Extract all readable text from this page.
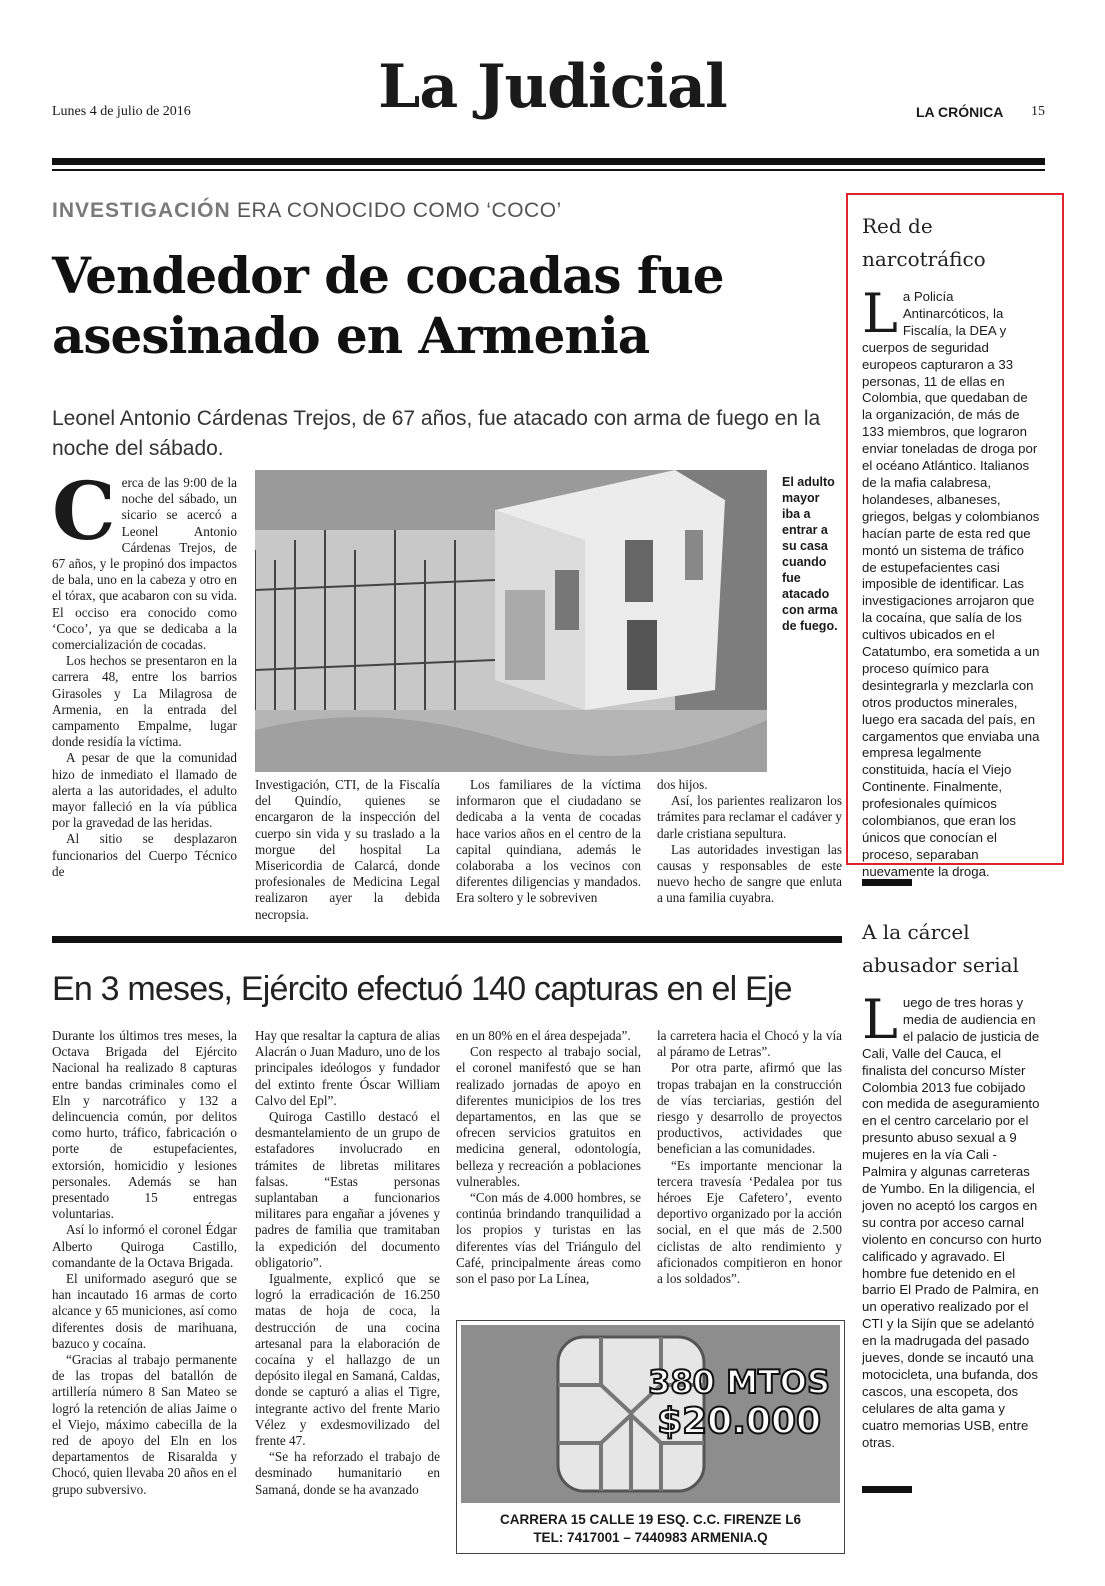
Lunes 4 de julio de 2016	La Judicial	LA CRÓNICA 15
INVESTIGACIÓN ERA CONOCIDO COMO ‘COCO’
Vendedor de cocadas fue asesinado en Armenia
Leonel Antonio Cárdenas Trejos, de 67 años, fue atacado con arma de fuego en la noche del sábado.

Cerca de las 9:00 de la noche del sábado, un sicario se acercó a Leonel Antonio Cárdenas Trejos, de 67 años, y le propinó dos impactos de bala, uno en la cabeza y otro en el tórax, que acabaron con su vida. El occiso era conocido como ‘Coco’, ya que se dedicaba a la comercialización de cocadas.

Los hechos se presentaron en la carrera 48, entre los barrios Girasoles y La Milagrosa de Armenia, en la entrada del campamento Empalme, lugar donde residía la víctima.

A pesar de que la comunidad hizo de inmediato el llamado de alerta a las autoridades, el adulto mayor falleció en la vía pública por la gravedad de las heridas.

Al sitio se desplazaron funcionarios del Cuerpo Técnico de

El adulto mayor iba a entrar a su casa cuando fue atacado con arma de fuego.

Investigación, CTI, de la Fiscalía del Quindío, quienes se encargaron de la inspección del cuerpo sin vida y su traslado a la morgue del hospital La Misericordia de Calarcá, donde profesionales de Medicina Legal realizaron ayer la debida necropsia.

Los familiares de la víctima informaron que el ciudadano se dedicaba a la venta de cocadas hace varios años en el centro de la capital quindiana, además le colaboraba a los vecinos con diferentes diligencias y mandados. Era soltero y le sobreviven

dos hijos.

Así, los parientes realizaron los trámites para reclamar el cadáver y darle cristiana sepultura.

Las autoridades investigan las causas y responsables de este nuevo hecho de sangre que enluta a una familia cuyabra.

En 3 meses, Ejército efectuó 140 capturas en el Eje

Durante los últimos tres meses, la Octava Brigada del Ejército Nacional ha realizado 8 capturas entre bandas criminales como el Eln y narcotráfico y 132 a delincuencia común, por delitos como hurto, tráfico, fabricación o porte de estupefacientes, extorsión, homicidio y lesiones personales. Además se han presentado 15 entregas voluntarias.

Así lo informó el coronel Édgar Alberto Quiroga Castillo, comandante de la Octava Brigada.

El uniformado aseguró que se han incautado 16 armas de corto alcance y 65 municiones, así como diferentes dosis de marihuana, bazuco y cocaína.

“Gracias al trabajo permanente de las tropas del batallón de artillería número 8 San Mateo se logró la retención de alias Jaime o el Viejo, máximo cabecilla de la red de apoyo del Eln en los departamentos de Risaralda y Chocó, quien llevaba 20 años en el grupo subversivo.

Hay que resaltar la captura de alias Alacrán o Juan Maduro, uno de los principales ideólogos y fundador del extinto frente Óscar William Calvo del Epl”.

Quiroga Castillo destacó el desmantelamiento de un grupo de estafadores involucrado en trámites de libretas militares falsas. “Estas personas suplantaban a funcionarios militares para engañar a jóvenes y padres de familia que tramitaban la expedición del documento obligatorio”.

Igualmente, explicó que se logró la erradicación de 16.250 matas de hoja de coca, la destrucción de una cocina artesanal para la elaboración de cocaína y el hallazgo de un depósito ilegal en Samaná, Caldas, donde se capturó a alias el Tigre, integrante activo del frente Mario Vélez y exdesmovilizado del frente 47.

“Se ha reforzado el trabajo de desminado humanitario en Samaná, donde se ha avanzado

en un 80% en el área despejada”.

Con respecto al trabajo social, el coronel manifestó que se han realizado jornadas de apoyo en diferentes municipios de los tres departamentos, en las que se ofrecen servicios gratuitos en medicina general, odontología, belleza y recreación a poblaciones vulnerables.

“Con más de 4.000 hombres, se continúa brindando tranquilidad a los propios y turistas en las diferentes vías del Triángulo del Café, principalmente áreas como son el paso por La Línea,

la carretera hacia el Chocó y la vía al páramo de Letras”.

Por otra parte, afirmó que las tropas trabajan en la construcción de vías terciarias, gestión del riesgo y desarrollo de proyectos productivos, actividades que benefician a las comunidades.

“Es importante mencionar la tercera travesía ‘Pedalea por tus héroes Eje Cafetero’, evento deportivo organizado por la acción social, en el que más de 2.500 ciclistas de alto rendimiento y aficionados compitieron en honor a los soldados”.

380 MTOS
$20.000
CARRERA 15 CALLE 19 ESQ. C.C. FIRENZE L6
TEL: 7417001 – 7440983 ARMENIA.Q
Red de
narcotráfico
La Policía Antinarcóticos, la Fiscalía, la DEA y cuerpos de seguridad europeos capturaron a 33 personas, 11 de ellas en Colombia, que quedaban de la organización, de más de 133 miembros, que lograron enviar toneladas de droga por el océano Atlántico. Italianos de la mafia calabresa, holandeses, albaneses, griegos, belgas y colombianos hacían parte de esta red que montó un sistema de tráfico de estupefacientes casi imposible de identificar. Las investigaciones arrojaron que la cocaína, que salía de los cultivos ubicados en el Catatumbo, era sometida a un proceso químico para desintegrarla y mezclarla con otros productos minerales, luego era sacada del país, en cargamentos que enviaba una empresa legalmente constituida, hacía el Viejo Continente. Finalmente, profesionales químicos colombianos, que eran los únicos que conocían el proceso, separaban nuevamente la droga.
A la cárcel
abusador serial
Luego de tres horas y media de audiencia en el palacio de justicia de Cali, Valle del Cauca, el finalista del concurso Míster Colombia 2013 fue cobijado con medida de aseguramiento en el centro carcelario por el presunto abuso sexual a 9 mujeres en la vía Cali - Palmira y algunas carreteras de Yumbo. En la diligencia, el joven no aceptó los cargos en su contra por acceso carnal violento en concurso con hurto calificado y agravado. El hombre fue detenido en el barrio El Prado de Palmira, en un operativo realizado por el CTI y la Sijín que se adelantó en la madrugada del pasado jueves, donde se incautó una motocicleta, una bufanda, dos cascos, una escopeta, dos celulares de alta gama y cuatro memorias USB, entre otras.
